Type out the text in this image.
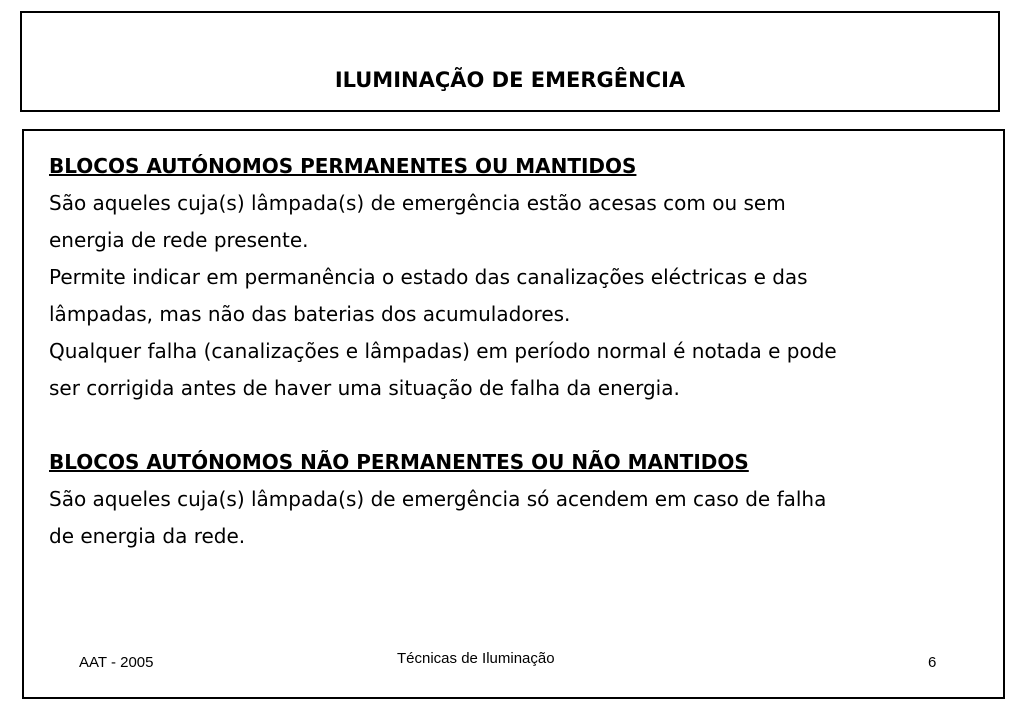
ILUMINAÇÃO DE EMERGÊNCIA

BLOCOS AUTÓNOMOS PERMANENTES OU MANTIDOS

São aqueles cuja(s) lâmpada(s) de emergência estão acesas com ou sem

energia de rede presente.

Permite indicar em permanência o estado das canalizações eléctricas e das

lâmpadas, mas não das baterias dos acumuladores.

Qualquer falha (canalizações e lâmpadas) em período normal é notada e pode

ser corrigida antes de haver uma situação de falha da energia.

BLOCOS AUTÓNOMOS NÃO PERMANENTES OU NÃO MANTIDOS

São aqueles cuja(s) lâmpada(s) de emergência só acendem em caso de falha

de energia da rede.

AAT - 2005	Técnicas de Iluminação	6
